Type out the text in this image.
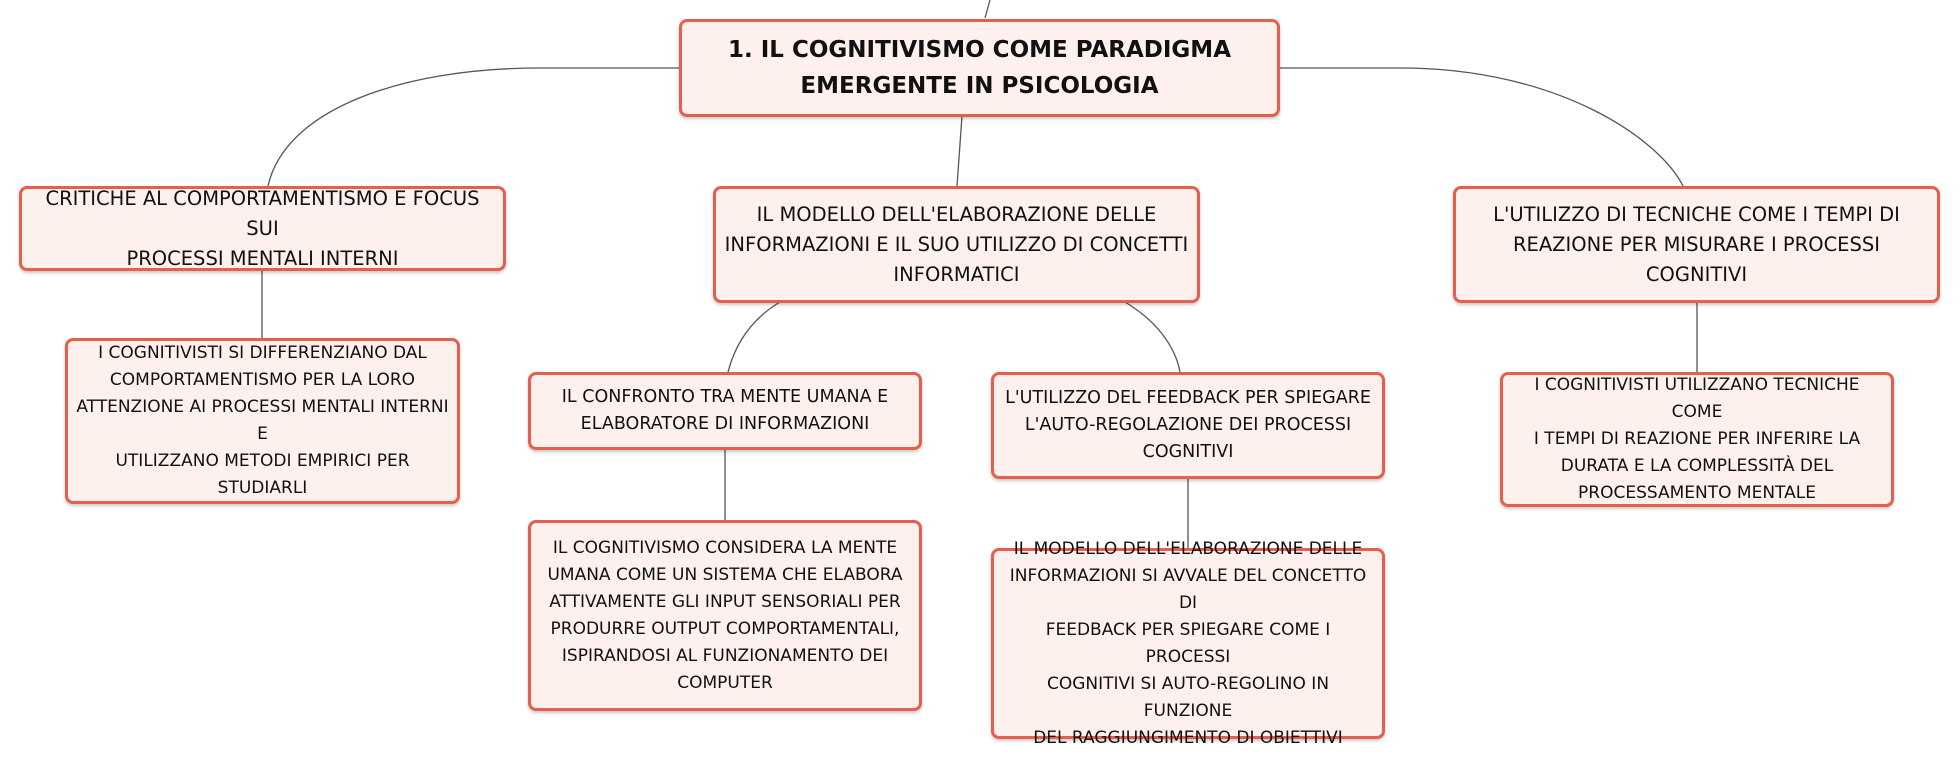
1. IL COGNITIVISMO COME PARADIGMA
EMERGENTE IN PSICOLOGIA
CRITICHE AL COMPORTAMENTISMO E FOCUS SUI
PROCESSI MENTALI INTERNI
IL MODELLO DELL'ELABORAZIONE DELLE
INFORMAZIONI E IL SUO UTILIZZO DI CONCETTI
INFORMATICI
L'UTILIZZO DI TECNICHE COME I TEMPI DI
REAZIONE PER MISURARE I PROCESSI COGNITIVI
I COGNITIVISTI SI DIFFERENZIANO DAL
COMPORTAMENTISMO PER LA LORO
ATTENZIONE AI PROCESSI MENTALI INTERNI E
UTILIZZANO METODI EMPIRICI PER STUDIARLI
IL CONFRONTO TRA MENTE UMANA E
ELABORATORE DI INFORMAZIONI
L'UTILIZZO DEL FEEDBACK PER SPIEGARE
L'AUTO-REGOLAZIONE DEI PROCESSI
COGNITIVI
I COGNITIVISTI UTILIZZANO TECNICHE COME
I TEMPI DI REAZIONE PER INFERIRE LA
DURATA E LA COMPLESSITÀ DEL
PROCESSAMENTO MENTALE
IL COGNITIVISMO CONSIDERA LA MENTE
UMANA COME UN SISTEMA CHE ELABORA
ATTIVAMENTE GLI INPUT SENSORIALI PER
PRODURRE OUTPUT COMPORTAMENTALI,
ISPIRANDOSI AL FUNZIONAMENTO DEI
COMPUTER
IL MODELLO DELL'ELABORAZIONE DELLE
INFORMAZIONI SI AVVALE DEL CONCETTO DI
FEEDBACK PER SPIEGARE COME I PROCESSI
COGNITIVI SI AUTO-REGOLINO IN FUNZIONE
DEL RAGGIUNGIMENTO DI OBIETTIVI
